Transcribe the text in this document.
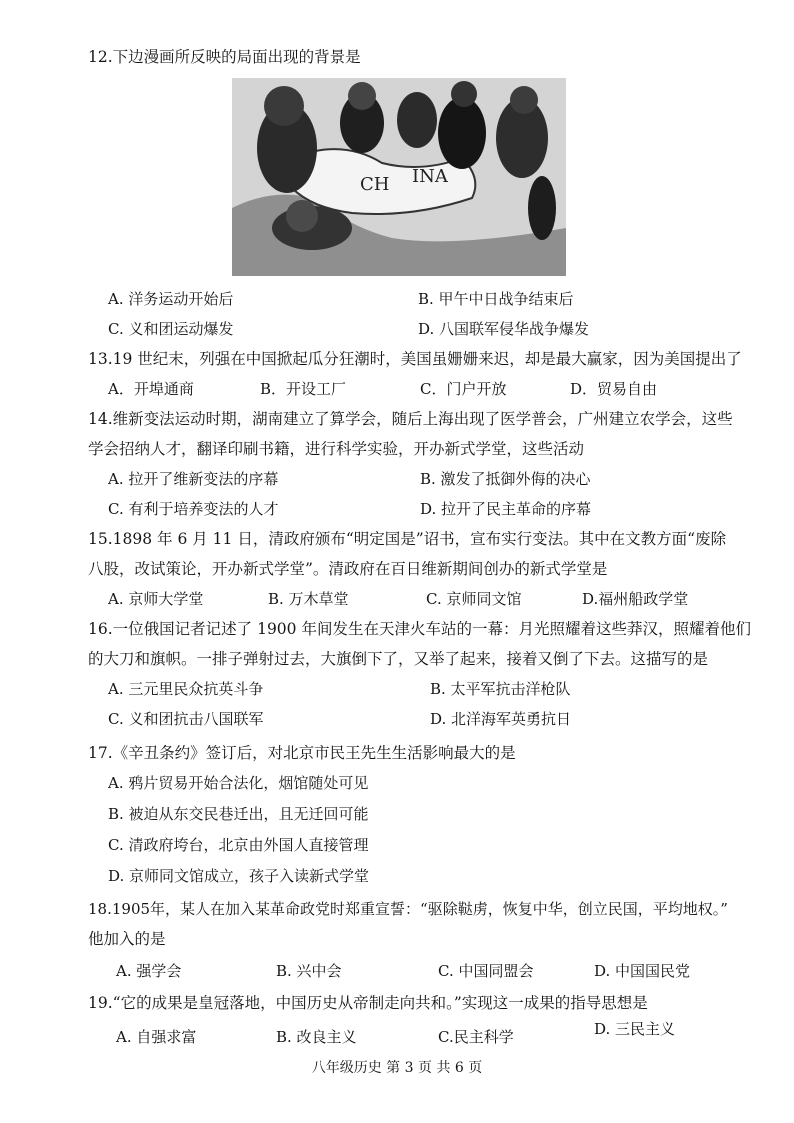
12.下边漫画所反映的局面出现的背景是
CH INA
A. 洋务运动开始后	B. 甲午中日战争结束后
C. 义和团运动爆发	D. 八国联军侵华战争爆发
13.19 世纪末，列强在中国掀起瓜分狂潮时，美国虽姗姗来迟，却是最大赢家，因为美国提出了
A．开埠通商	B．开设工厂	C．门户开放	D．贸易自由
14.维新变法运动时期，湖南建立了算学会，随后上海出现了医学普会，广州建立农学会，这些
学会招纳人才，翻译印刷书籍，进行科学实验，开办新式学堂，这些活动
A. 拉开了维新变法的序幕	B. 激发了抵御外侮的决心
C. 有利于培养变法的人才	D. 拉开了民主革命的序幕
15.1898 年 6 月 11 日，清政府颁布“明定国是”诏书，宣布实行变法。其中在文教方面“废除
八股，改试策论，开办新式学堂”。清政府在百日维新期间创办的新式学堂是
A. 京师大学堂	B. 万木草堂	C. 京师同文馆	D.福州船政学堂
16.一位俄国记者记述了 1900 年间发生在天津火车站的一幕：月光照耀着这些莽汉，照耀着他们
的大刀和旗帜。一排子弹射过去，大旗倒下了，又举了起来，接着又倒了下去。这描写的是
A. 三元里民众抗英斗争	B. 太平军抗击洋枪队
C. 义和团抗击八国联军	D. 北洋海军英勇抗日
17.《辛丑条约》签订后，对北京市民王先生生活影响最大的是
A. 鸦片贸易开始合法化，烟馆随处可见
B. 被迫从东交民巷迁出，且无迁回可能
C. 清政府垮台，北京由外国人直接管理
D. 京师同文馆成立，孩子入读新式学堂
18.1905年，某人在加入某革命政党时郑重宣誓：“驱除鞑虏，恢复中华，创立民国，平均地权。”
他加入的是
A. 强学会	B. 兴中会	C. 中国同盟会	D. 中国国民党
19.“它的成果是皇冠落地，中国历史从帝制走向共和。”实现这一成果的指导思想是
A. 自强求富	B. 改良主义	C.民主科学	D. 三民主义
八年级历史 第 3 页 共 6 页
